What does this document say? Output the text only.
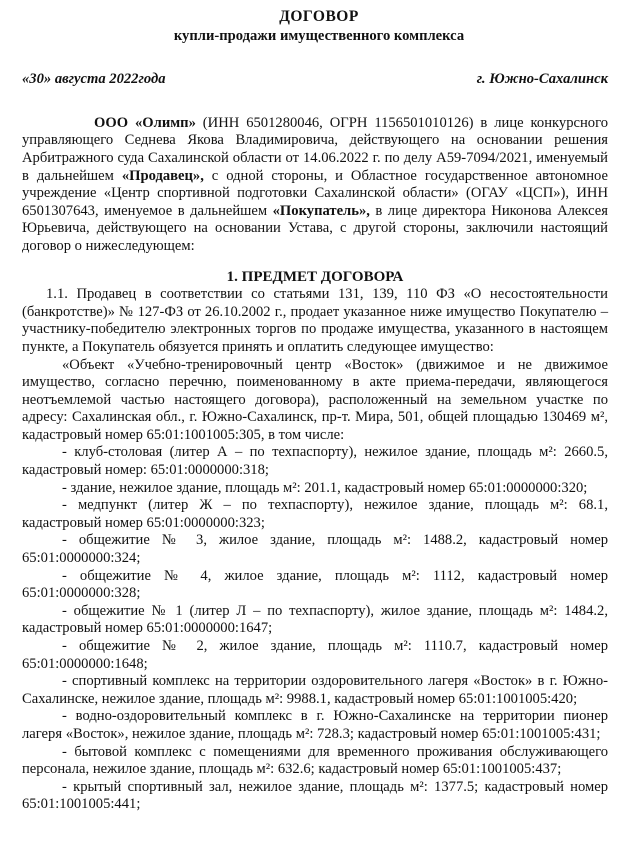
ДОГОВОР
купли-продажи имущественного комплекса
«30» августа 2022года	г. Южно-Сахалинск

ООО «Олимп» (ИНН 6501280046, ОГРН 1156501010126) в лице конкурсного управляющего Седнева Якова Владимировича, действующего на основании решения Арбитражного суда Сахалинской области от 14.06.2022 г. по делу А59-7094/2021, именуемый в дальнейшем «Продавец», с одной стороны, и Областное государственное автономное учреждение «Центр спортивной подготовки Сахалинской области» (ОГАУ «ЦСП»), ИНН 6501307643, именуемое в дальнейшем «Покупатель», в лице директора Никонова Алексея Юрьевича, действующего на основании Устава, с другой стороны, заключили настоящий договор о нижеследующем:

1. ПРЕДМЕТ ДОГОВОРА

1.1. Продавец в соответствии со статьями 131, 139, 110 ФЗ «О несостоятельности (банкротстве)» № 127-ФЗ от 26.10.2002 г., продает указанное ниже имущество Покупателю –участнику-победителю электронных торгов по продаже имущества, указанного в настоящем пункте, а Покупатель обязуется принять и оплатить следующее имущество:

«Объект «Учебно-тренировочный центр «Восток» (движимое и не движимое имущество, согласно перечню, поименованному в акте приема-передачи, являющегося неотъемлемой частью настоящего договора), расположенный на земельном участке по адресу: Сахалинская обл., г. Южно-Сахалинск, пр-т. Мира, 501, общей площадью 130469 м², кадастровый номер 65:01:1001005:305, в том числе:

- клуб-столовая (литер А – по техпаспорту), нежилое здание, площадь м²: 2660.5, кадастровый номер: 65:01:0000000:318;

- здание, нежилое здание, площадь м²: 201.1, кадастровый номер 65:01:0000000:320;

- медпункт (литер Ж – по техпаспорту), нежилое здание, площадь м²: 68.1, кадастровый номер 65:01:0000000:323;

- общежитие № 3, жилое здание, площадь м²: 1488.2, кадастровый номер 65:01:0000000:324;

- общежитие № 4, жилое здание, площадь м²: 1112, кадастровый номер 65:01:0000000:328;

- общежитие № 1 (литер Л – по техпаспорту), жилое здание, площадь м²: 1484.2, кадастровый номер 65:01:0000000:1647;

- общежитие № 2, жилое здание, площадь м²: 1110.7, кадастровый номер 65:01:0000000:1648;

- спортивный комплекс на территории оздоровительного лагеря «Восток» в г. Южно-Сахалинске, нежилое здание, площадь м²: 9988.1, кадастровый номер 65:01:1001005:420;

- водно-оздоровительный комплекс в г. Южно-Сахалинске на территории пионер лагеря «Восток», нежилое здание, площадь м²: 728.3; кадастровый номер 65:01:1001005:431;

- бытовой комплекс с помещениями для временного проживания обслуживающего персонала, нежилое здание, площадь м²: 632.6; кадастровый номер 65:01:1001005:437;

- крытый спортивный зал, нежилое здание, площадь м²: 1377.5; кадастровый номер 65:01:1001005:441;
